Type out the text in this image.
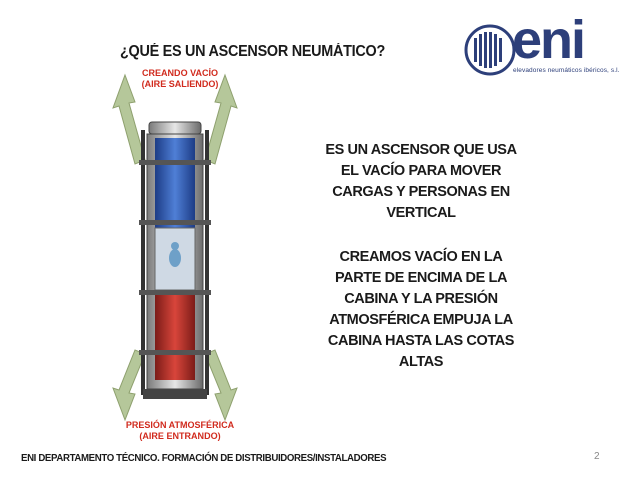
¿QUÉ ES UN ASCENSOR NEUMÁTICO? eni
elevadores neumáticos ibéricos, s.l.
CREANDO VACÍO
(AIRE SALIENDO)
PRESIÓN ATMOSFÉRICA
(AIRE ENTRANDO)
ES UN ASCENSOR QUE USA
EL VACÍO PARA MOVER
CARGAS Y PERSONAS EN
VERTICAL
CREAMOS VACÍO EN LA
PARTE DE ENCIMA DE LA
CABINA Y LA PRESIÓN
ATMOSFÉRICA EMPUJA LA
CABINA HASTA LAS COTAS
ALTAS
ENI DEPARTAMENTO TÉCNICO. FORMACIÓN DE DISTRIBUIDORES/INSTALADORES	2
